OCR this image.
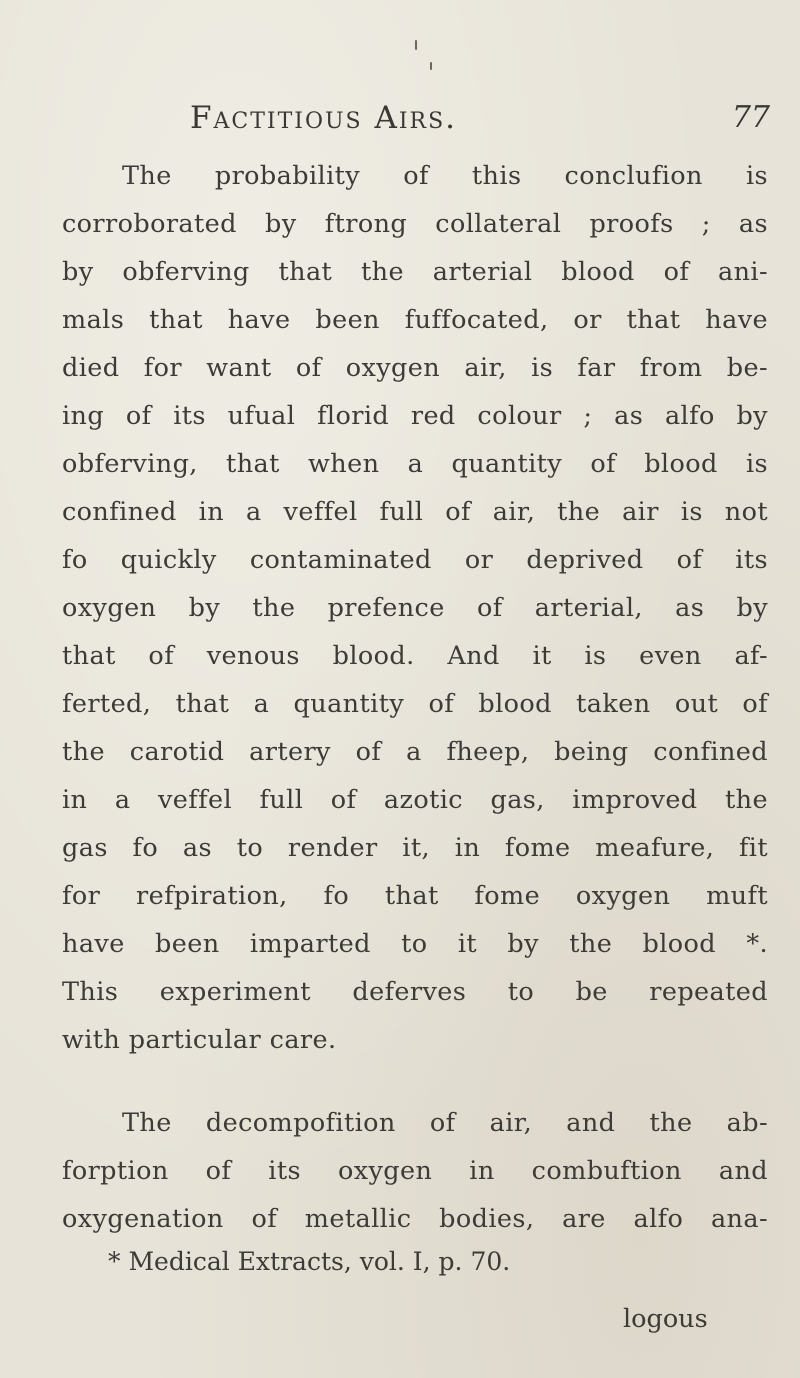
Factitious Airs.	77
The probability of this conclufion is
corroborated by ftrong collateral proofs ; as
by obferving that the arterial blood of ani-
mals that have been fuffocated, or that have
died for want of oxygen air, is far from be-
ing of its ufual florid red colour ; as alfo by
obferving, that when a quantity of blood is
confined in a veffel full of air, the air is not
fo quickly contaminated or deprived of its
oxygen by the prefence of arterial, as by
that of venous blood. And it is even af-
ferted, that a quantity of blood taken out of
the carotid artery of a fheep, being confined
in a veffel full of azotic gas, improved the
gas fo as to render it, in fome meafure, fit
for refpiration, fo that fome oxygen muft
have been imparted to it by the blood *.
This experiment deferves to be repeated
with particular care.
The decompofition of air, and the ab-
forption of its oxygen in combuftion and
oxygenation of metallic bodies, are alfo ana-
* Medical Extracts, vol. I, p. 70.
logous
